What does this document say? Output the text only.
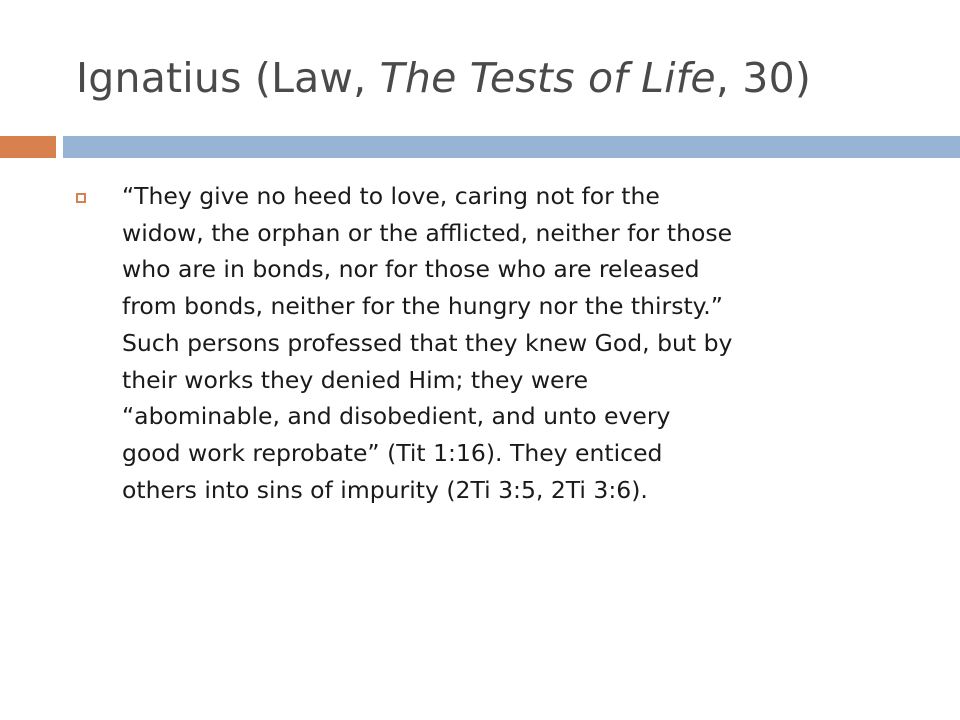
Ignatius (Law, The Tests of Life, 30)

“They give no heed to love, caring not for the
widow, the orphan or the afflicted, neither for those
who are in bonds, nor for those who are released
from bonds, neither for the hungry nor the thirsty.”
Such persons professed that they knew God, but by
their works they denied Him; they were
“abominable, and disobedient, and unto every
good work reprobate” (Tit 1:16). They enticed
others into sins of impurity (2Ti 3:5, 2Ti 3:6).
